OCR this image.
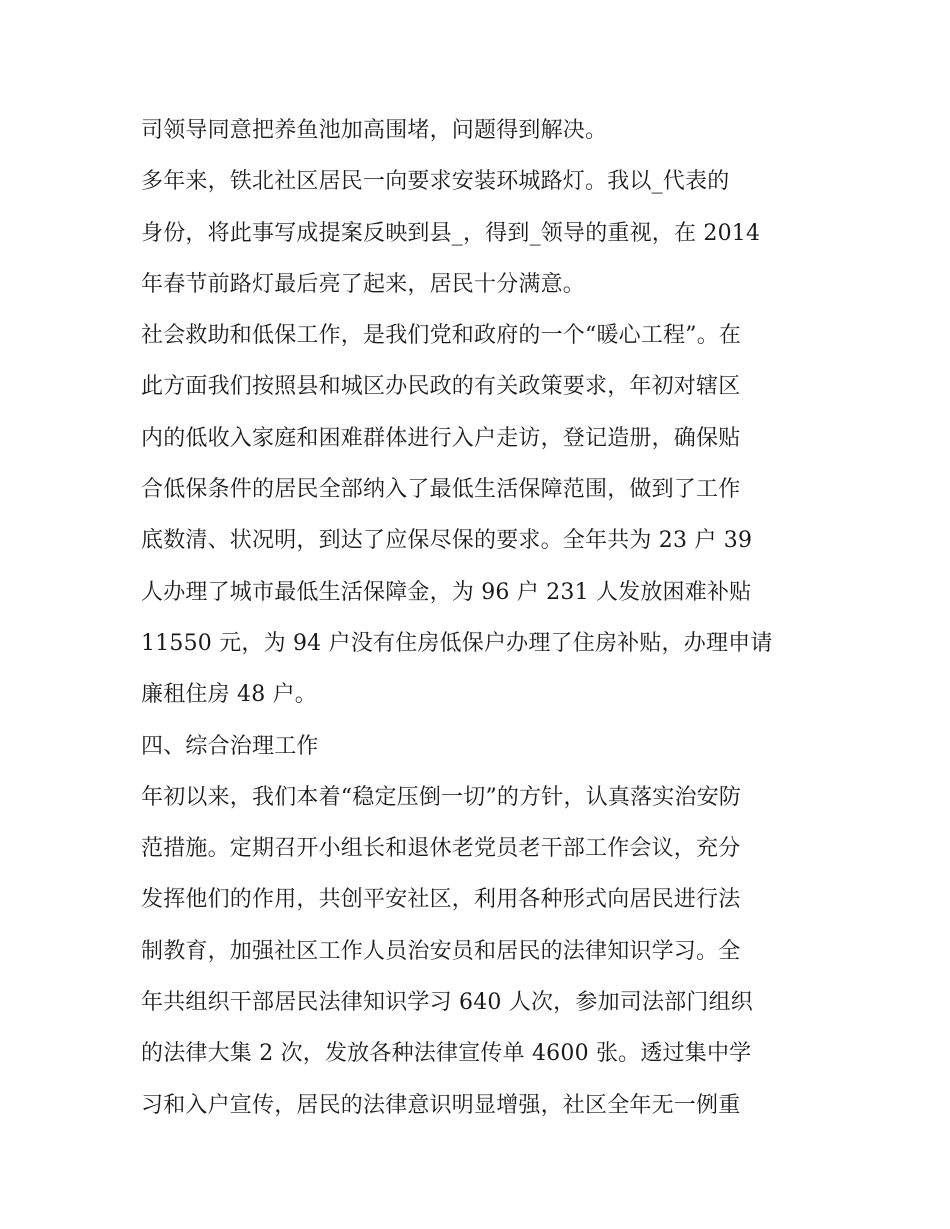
司领导同意把养鱼池加高围堵，问题得到解决。
多年来，铁北社区居民一向要求安装环城路灯。我以_代表的
身份，将此事写成提案反映到县_，得到_领导的重视，在 2014
年春节前路灯最后亮了起来，居民十分满意。
社会救助和低保工作，是我们党和政府的一个“暖心工程”。在
此方面我们按照县和城区办民政的有关政策要求，年初对辖区
内的低收入家庭和困难群体进行入户走访，登记造册，确保贴
合低保条件的居民全部纳入了最低生活保障范围，做到了工作
底数清、状况明，到达了应保尽保的要求。全年共为 23 户 39
人办理了城市最低生活保障金，为 96 户 231 人发放困难补贴
11550 元，为 94 户没有住房低保户办理了住房补贴，办理申请
廉租住房 48 户。
四、综合治理工作
年初以来，我们本着“稳定压倒一切”的方针，认真落实治安防
范措施。定期召开小组长和退休老党员老干部工作会议，充分
发挥他们的作用，共创平安社区，利用各种形式向居民进行法
制教育，加强社区工作人员治安员和居民的法律知识学习。全
年共组织干部居民法律知识学习 640 人次，参加司法部门组织
的法律大集 2 次，发放各种法律宣传单 4600 张。透过集中学
习和入户宣传，居民的法律意识明显增强，社区全年无一例重
